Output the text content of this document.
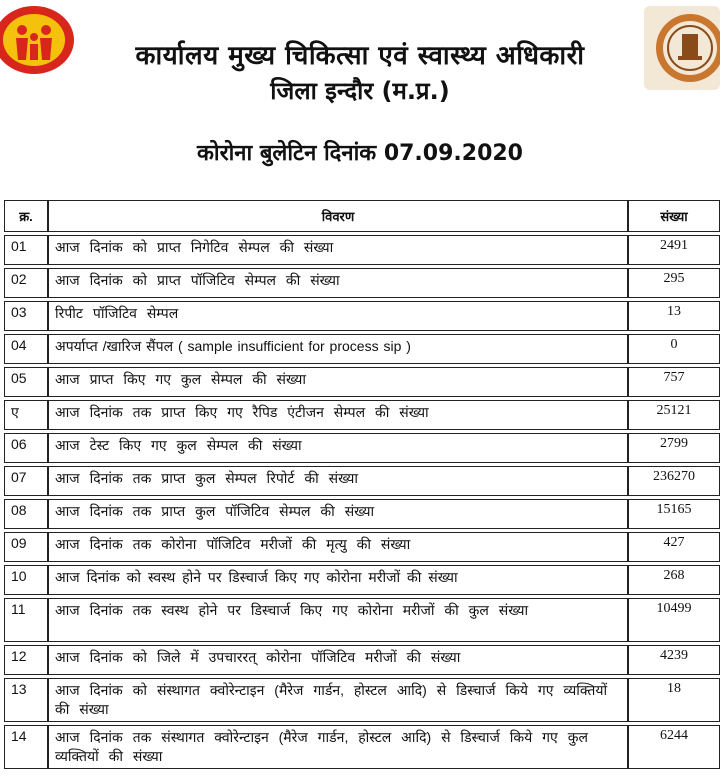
कार्यालय मुख्य चिकित्सा एवं स्वास्थ्य अधिकारी
जिला इन्दौर (म.प्र.)
कोरोना बुलेटिन दिनांक 07.09.2020
क्र.	विवरण	संख्या
01	आज दिनांक को प्राप्त निगेटिव सेम्पल की संख्या	2491
02	आज दिनांक को प्राप्त पॉजिटिव सेम्पल की संख्या	295
03	रिपीट पॉजिटिव सेम्पल	13
04	अपर्याप्त /खारिज सैंपल ( sample insufficient for process sip )	0
05	आज प्राप्त किए गए कुल सेम्पल की संख्या	757
ए	आज दिनांक तक प्राप्त किए गए रैपिड एंटीजन सेम्पल की संख्या	25121
06	आज टेस्ट किए गए कुल सेम्पल की संख्या	2799
07	आज दिनांक तक प्राप्त कुल सेम्पल रिपोर्ट की संख्या	236270
08	आज दिनांक तक प्राप्त कुल पॉजिटिव सेम्पल की संख्या	15165
09	आज दिनांक तक कोरोना पॉजिटिव मरीजों की मृत्यु की संख्या	427
10	आज दिनांक को स्वस्थ होने पर डिस्चार्ज किए गए कोरोना मरीजों की संख्या	268
11	आज दिनांक तक स्वस्थ होने पर डिस्चार्ज किए गए कोरोना मरीजों की कुल संख्या	10499
12	आज दिनांक को जिले में उपचाररत् कोरोना पॉजिटिव मरीजों की संख्या	4239
13	आज दिनांक को संस्थागत क्वोरेन्टाइन (मैरेज गार्डन, होस्टल आदि) से डिस्चार्ज किये गए व्यक्तियों की संख्या	18
14	आज दिनांक तक संस्थागत क्वोरेन्टाइन (मैरेज गार्डन, होस्टल आदि) से डिस्चार्ज किये गए कुल व्यक्तियों की संख्या	6244
